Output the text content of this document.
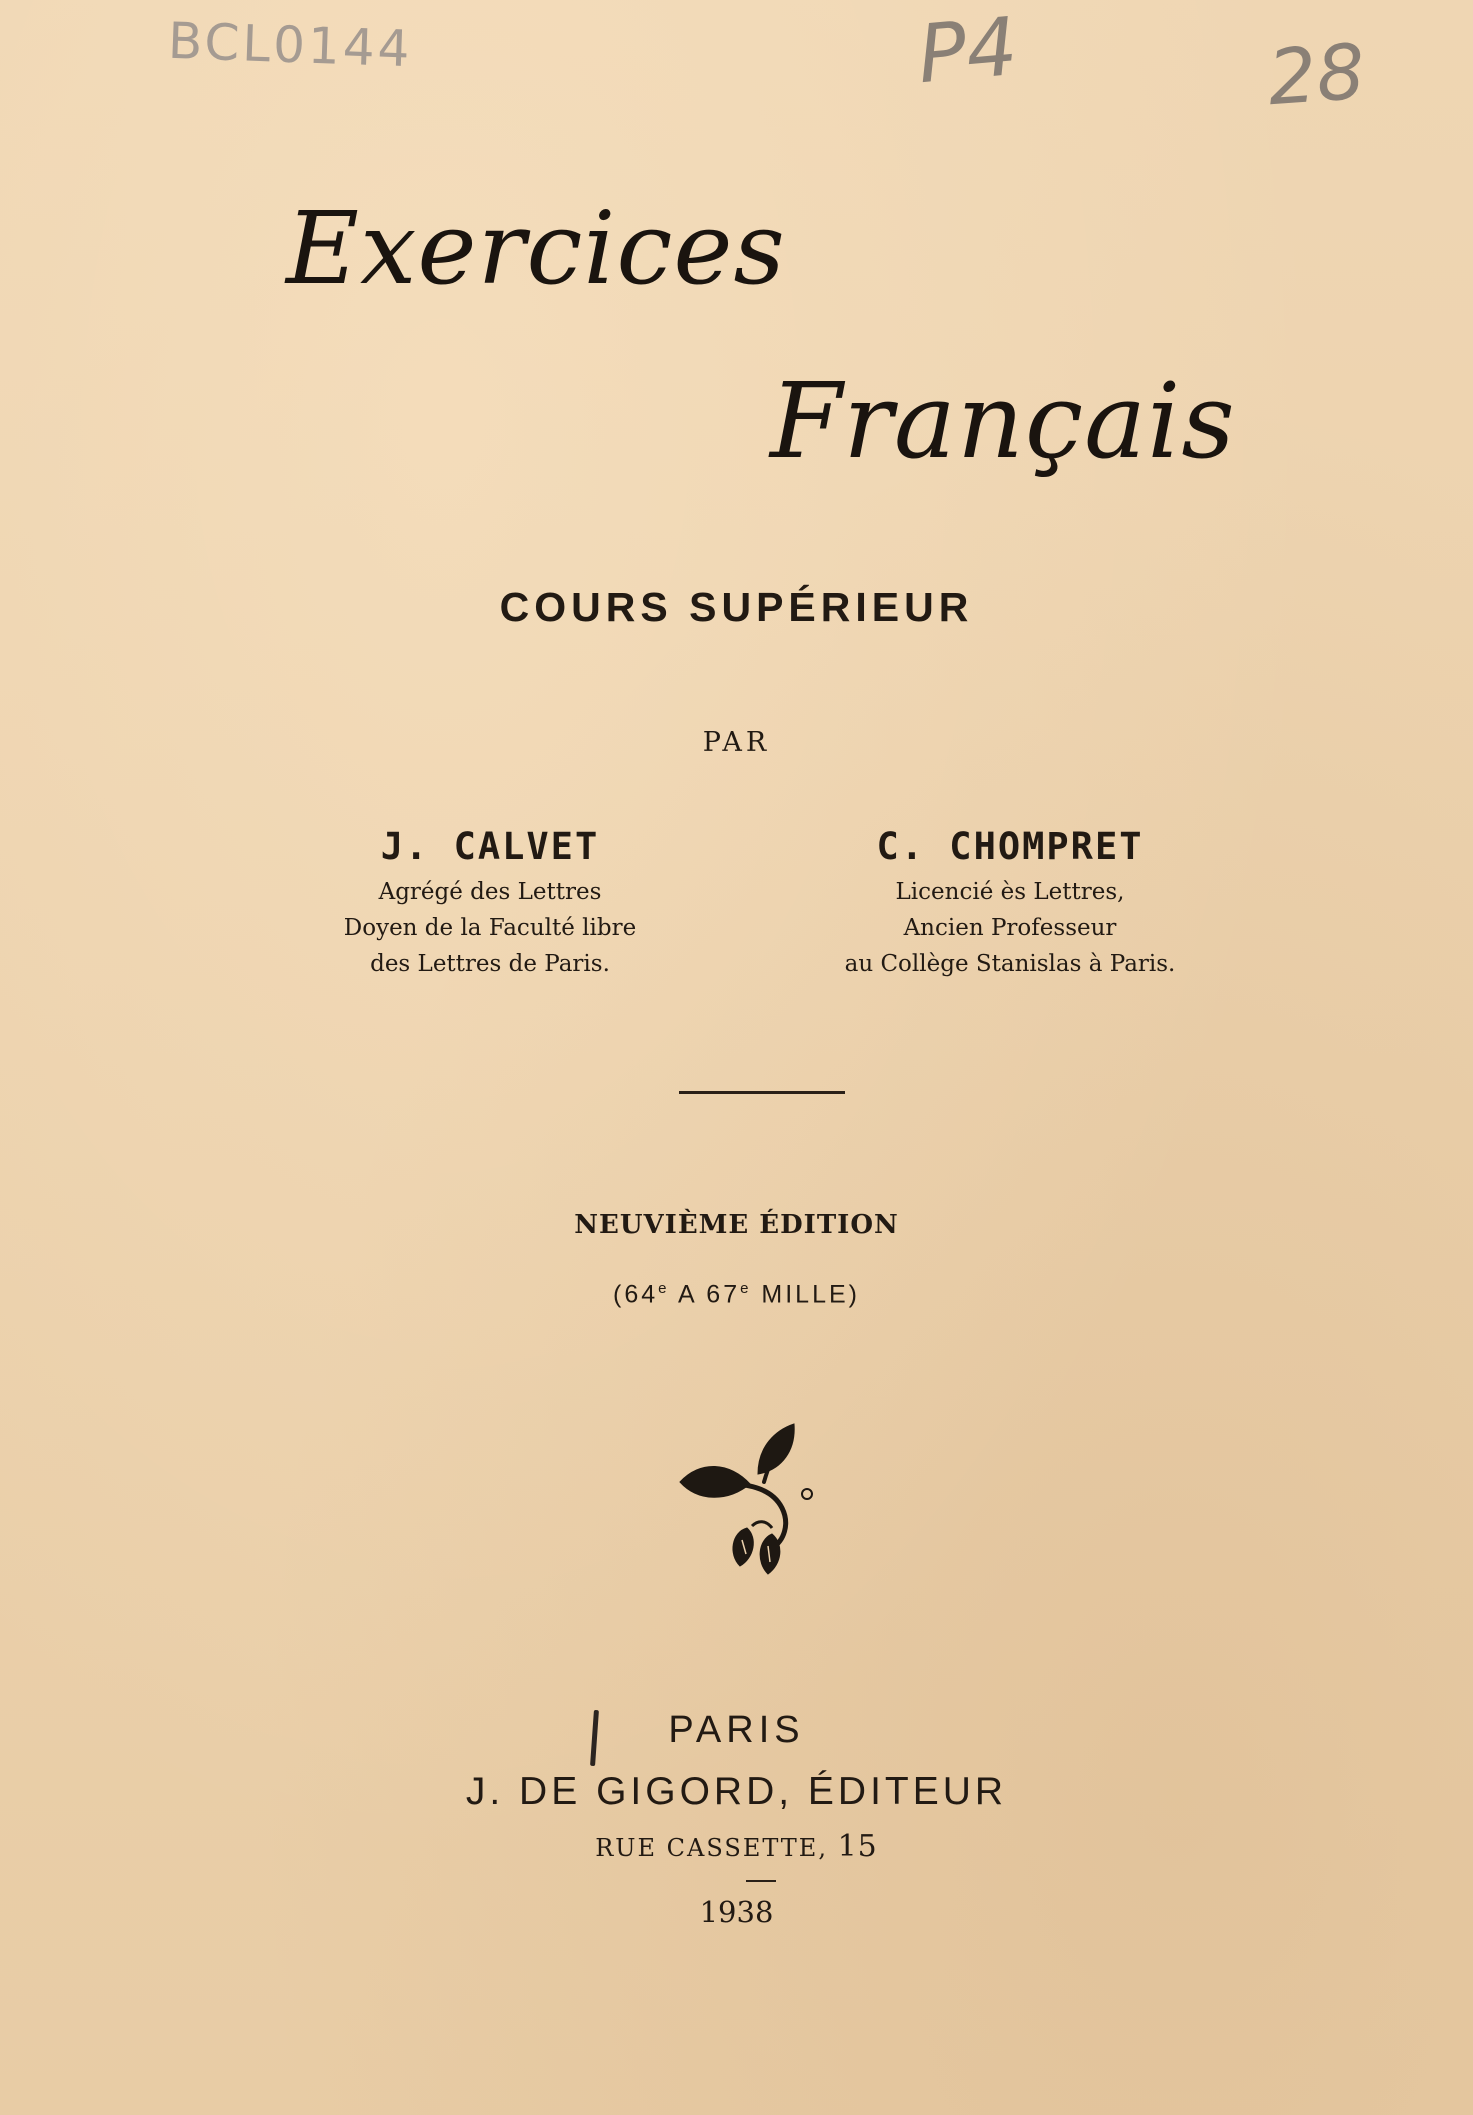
BCL0144	P4	28
Exercices
Français
COURS SUPÉRIEUR
PAR
J. CALVET
Agrégé des Lettres
Doyen de la Faculté libre
des Lettres de Paris.
C. CHOMPRET
Licencié ès Lettres,
Ancien Professeur
au Collège Stanislas à Paris.
NEUVIÈME ÉDITION
(64e A 67e MILLE)
PARIS
J. DE GIGORD, ÉDITEUR
RUE CASSETTE, 15
1938
